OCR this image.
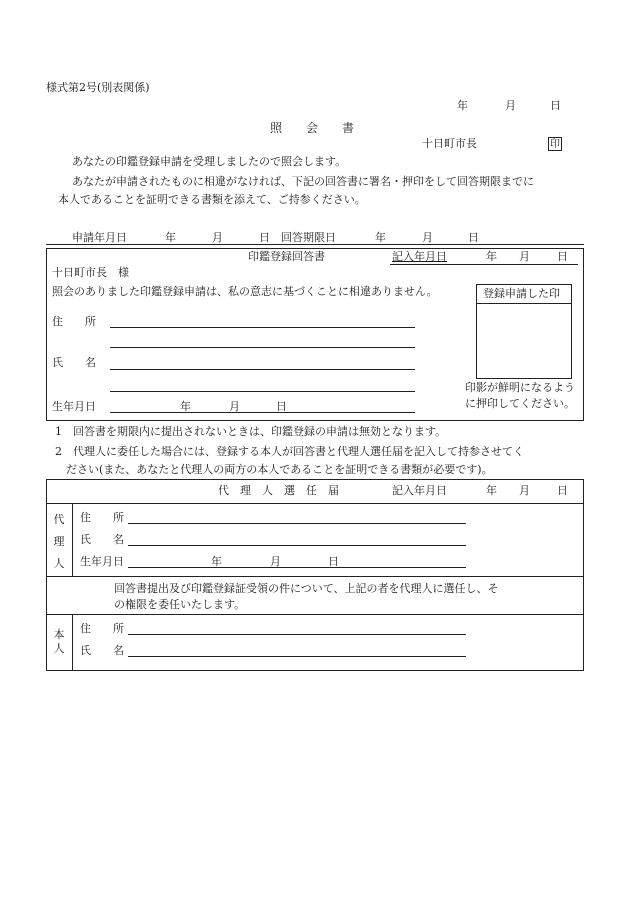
様式第2号(別表関係)
年	月	日
照　　会　　書
十日町市長	印
あなたの印鑑登録申請を受理しましたので照会します。
あなたが申請されたものに相違がなければ、下記の回答書に署名・押印をして回答期限までに
本人であることを証明できる書類を添えて、ご持参ください。
申請年月日	年	月	日 回答期限日	年	月	日
印鑑登録回答書	記入年月日	年 月 日
十日町市長　様
照会のありました印鑑登録申請は、私の意志に基づくことに相違ありません。
住　　所
氏　　名
生年月日	年	月	日
登録申請した印
印影が鮮明になるよう
に押印してください。
1　回答書を期限内に提出されないときは、印鑑登録の申請は無効となります。
2　代理人に委任した場合には、登録する本人が回答書と代理人選任届を記入して持参させてく
ださい(また、あなたと代理人の両方の本人であることを証明できる書類が必要です)。
代　理　人　選　任　届	記入年月日	年 月 日
代
理
人
住　　所
氏　　名
生年月日	年	月	日
回答書提出及び印鑑登録証受領の件について、上記の者を代理人に選任し、そ
の権限を委任いたします。
本
人
住　　所
氏　　名
